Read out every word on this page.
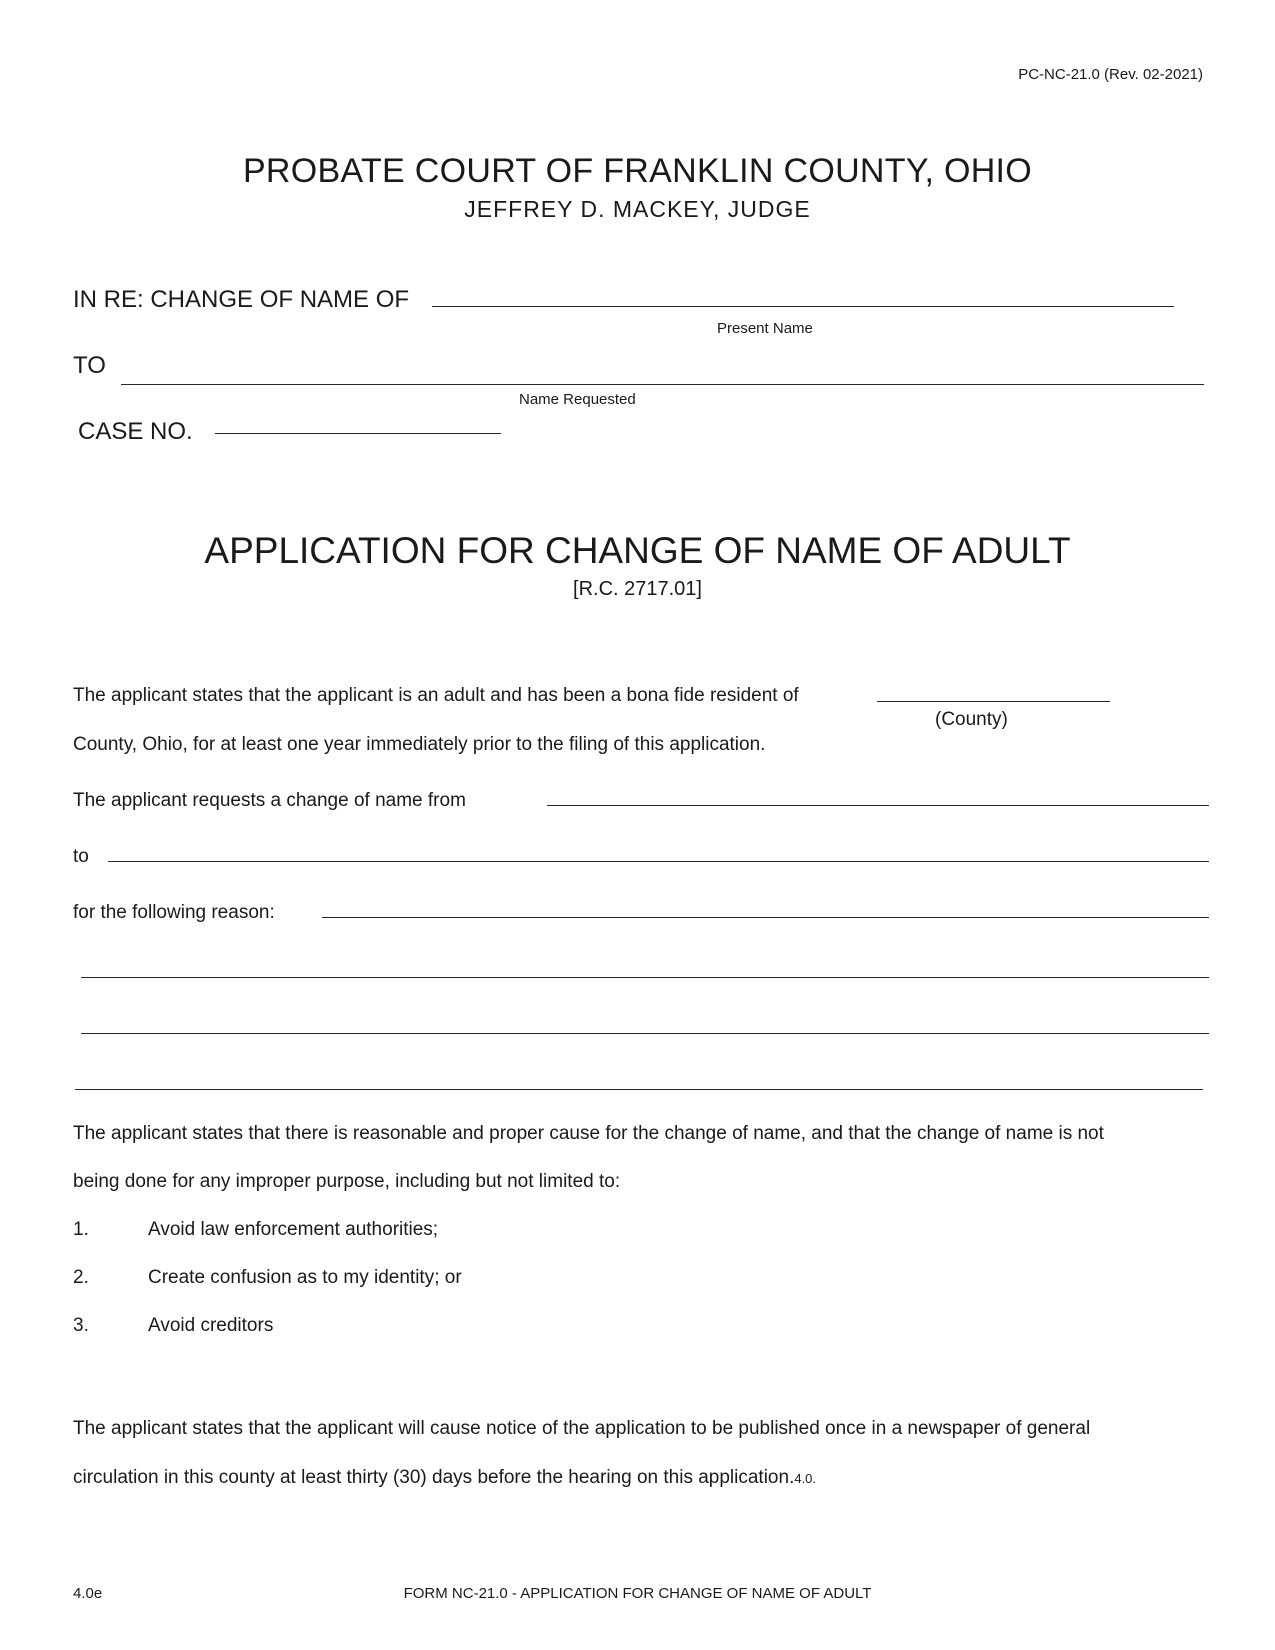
PC-NC-21.0 (Rev. 02-2021)
PROBATE COURT OF FRANKLIN COUNTY, OHIO
JEFFREY D. MACKEY, JUDGE
IN RE: CHANGE OF NAME OF
Present Name
TO
Name Requested
CASE NO.
APPLICATION FOR CHANGE OF NAME OF ADULT
[R.C. 2717.01]
The applicant states that the applicant is an adult and has been a bona fide resident of
(County)
County, Ohio, for at least one year immediately prior to the filing of this application.
The applicant requests a change of name from
to
for the following reason:
The applicant states that there is reasonable and proper cause for the change of name, and that the change of name is not
being done for any improper purpose, including but not limited to:
1.	Avoid law enforcement authorities;
2.	Create confusion as to my identity; or
3.	Avoid creditors
The applicant states that the applicant will cause notice of the application to be published once in a newspaper of general
circulation in this county at least thirty (30) days before the hearing on this application.4.0.
4.0e	FORM NC-21.0 - APPLICATION FOR CHANGE OF NAME OF ADULT
